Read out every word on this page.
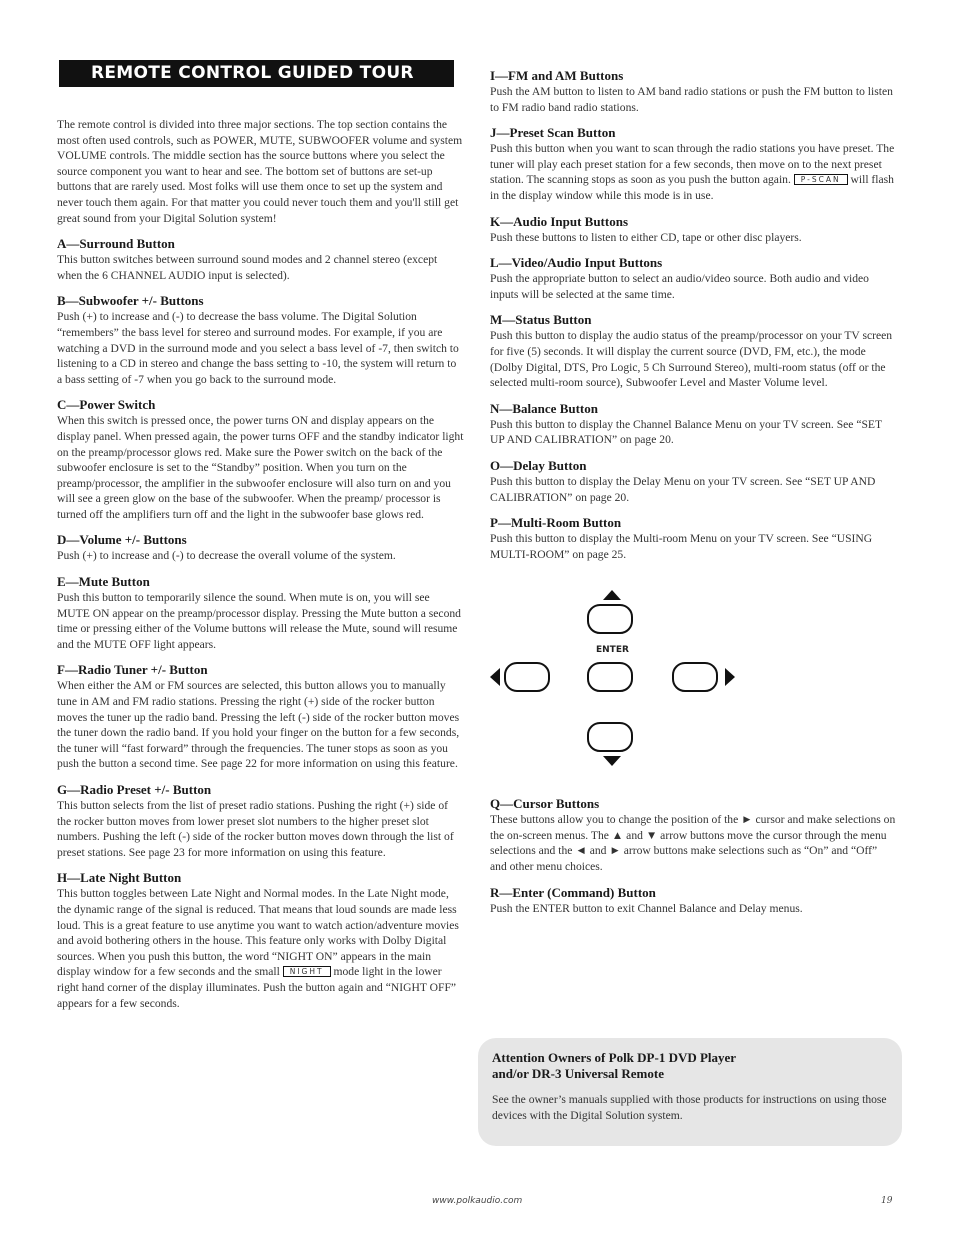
REMOTE CONTROL GUIDED TOUR

The remote control is divided into three major sections. The top section contains the most often used controls, such as POWER, MUTE, SUBWOOFER volume and system VOLUME controls. The middle section has the source buttons where you select the source component you want to hear and see. The bottom set of buttons are set-up buttons that are rarely used. Most folks will use them once to set up the system and never touch them again. For that matter you could never touch them and you'll still get great sound from your Digital Solution system!

A—Surround Button

This button switches between surround sound modes and 2 channel stereo (except when the 6 CHANNEL AUDIO input is selected).

B—Subwoofer +/- Buttons

Push (+) to increase and (-) to decrease the bass volume. The Digital Solution “remembers” the bass level for stereo and surround modes. For example, if you are watching a DVD in the surround mode and you select a bass level of -7, then switch to listening to a CD in stereo and change the bass setting to -10, the system will return to a bass setting of -7 when you go back to the surround mode.

C—Power Switch

When this switch is pressed once, the power turns ON and display appears on the display panel. When pressed again, the power turns OFF and the standby indicator light on the preamp/processor glows red. Make sure the Power switch on the back of the subwoofer enclosure is set to the “Standby” position. When you turn on the preamp/processor, the amplifier in the subwoofer enclosure will also turn on and you will see a green glow on the base of the subwoofer. When the preamp/ processor is turned off the amplifiers turn off and the light in the subwoofer base glows red.

D—Volume +/- Buttons

Push (+) to increase and (-) to decrease the overall volume of the system.

E—Mute Button

Push this button to temporarily silence the sound. When mute is on, you will see MUTE ON appear on the preamp/processor display. Pressing the Mute button a second time or pressing either of the Volume buttons will release the Mute, sound will resume and the MUTE OFF light appears.

F—Radio Tuner +/- Button

When either the AM or FM sources are selected, this button allows you to manually tune in AM and FM radio stations. Pressing the right (+) side of the rocker button moves the tuner up the radio band. Pressing the left (-) side of the rocker button moves the tuner down the radio band. If you hold your finger on the button for a few seconds, the tuner will “fast forward” through the frequencies. The tuner stops as soon as you push the button a second time. See page 22 for more information on using this feature.

G—Radio Preset +/- Button

This button selects from the list of preset radio stations. Pushing the right (+) side of the rocker button moves from lower preset slot numbers to the higher preset slot numbers. Pushing the left (-) side of the rocker button moves down through the list of preset stations. See page 23 for more information on using this feature.

H—Late Night Button

This button toggles between Late Night and Normal modes. In the Late Night mode, the dynamic range of the signal is reduced. That means that loud sounds are made less loud. This is a great feature to use anytime you want to watch action/adventure movies and avoid bothering others in the house. This feature only works with Dolby Digital sources. When you push this button, the word “NIGHT ON” appears in the main display window for a few seconds and the small NIGHT mode light in the lower right hand corner of the display illuminates. Push the button again and “NIGHT OFF” appears for a few seconds.

I—FM and AM Buttons

Push the AM button to listen to AM band radio stations or push the FM button to listen to FM radio band radio stations.

J—Preset Scan Button

Push this button when you want to scan through the radio stations you have preset. The tuner will play each preset station for a few seconds, then move on to the next preset station. The scanning stops as soon as you push the button again. P-SCAN will flash in the display window while this mode is in use.

K—Audio Input Buttons

Push these buttons to listen to either CD, tape or other disc players.

L—Video/Audio Input Buttons

Push the appropriate button to select an audio/video source. Both audio and video inputs will be selected at the same time.

M—Status Button

Push this button to display the audio status of the preamp/processor on your TV screen for five (5) seconds. It will display the current source (DVD, FM, etc.), the mode (Dolby Digital, DTS, Pro Logic, 5 Ch Surround Stereo), multi-room status (off or the selected multi-room source), Subwoofer Level and Master Volume level.

N—Balance Button

Push this button to display the Channel Balance Menu on your TV screen. See “SET UP AND CALIBRATION” on page 20.

O—Delay Button

Push this button to display the Delay Menu on your TV screen. See “SET UP AND CALIBRATION” on page 20.

P—Multi-Room Button

Push this button to display the Multi-room Menu on your TV screen. See “USING MULTI-ROOM” on page 25.

ENTER
Q—Cursor Buttons

These buttons allow you to change the position of the ► cursor and make selections on the on-screen menus. The ▲ and ▼ arrow buttons move the cursor through the menu selections and the ◄ and ► arrow buttons make selections such as “On” and “Off” and other menu choices.

R—Enter (Command) Button

Push the ENTER button to exit Channel Balance and Delay menus.

Attention Owners of Polk DP-1 DVD Player
and/or DR-3 Universal Remote

See the owner’s manuals supplied with those products for instructions on using those devices with the Digital Solution system.

www.polkaudio.com	19
